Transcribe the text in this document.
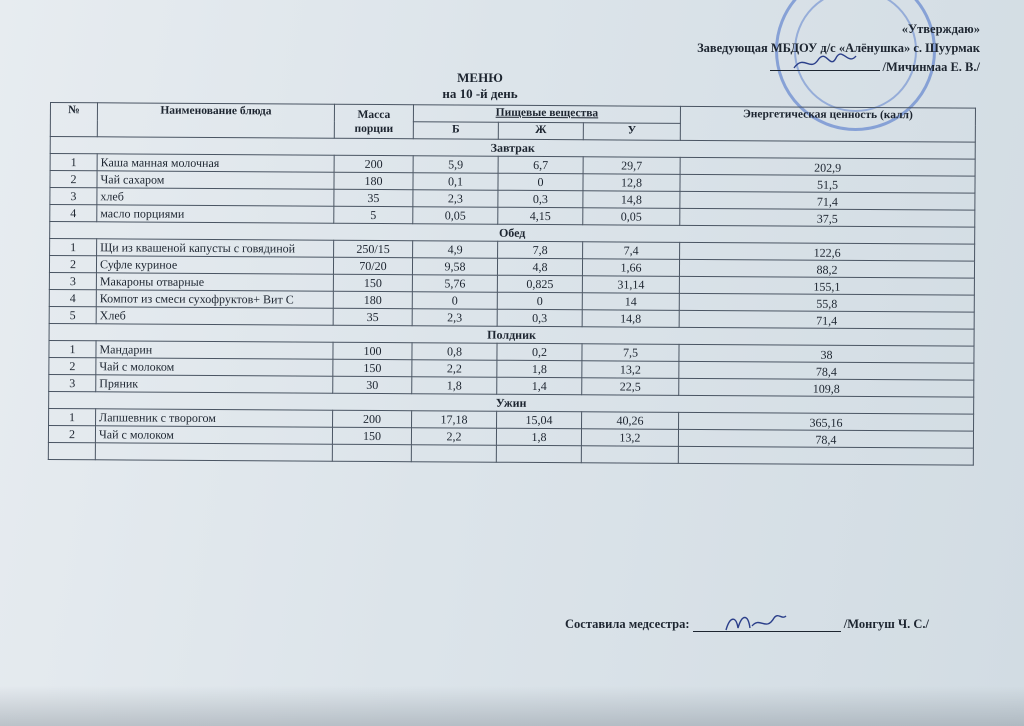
«Утверждаю»
Заведующая МБДОУ д/с «Алёнушка» с. Шуурмак
/Мичинмаа Е. В./
МЕНЮ
на 10 -й день
№	Наименование блюда	Масса порции	Пищевые вещества			Энергетическая ценность (калл)
			Б	Ж	У	
Завтрак						
1	Каша манная молочная	200	5,9	6,7	29,7	202,9
2	Чай сахаром	180	0,1	0	12,8	51,5
3	хлеб	35	2,3	0,3	14,8	71,4
4	масло порциями	5	0,05	4,15	0,05	37,5
Обед						
1	Щи из квашеной капусты с говядиной	250/15	4,9	7,8	7,4	122,6
2	Суфле куриное	70/20	9,58	4,8	1,66	88,2
3	Макароны отварные	150	5,76	0,825	31,14	155,1
4	Компот из смеси сухофруктов+ Вит С	180	0	0	14	55,8
5	Хлеб	35	2,3	0,3	14,8	71,4
Полдник						
1	Мандарин	100	0,8	0,2	7,5	38
2	Чай с молоком	150	2,2	1,8	13,2	78,4
3	Пряник	30	1,8	1,4	22,5	109,8
Ужин						
1	Лапшевник с творогом	200	17,18	15,04	40,26	365,16
2	Чай с молоком	150	2,2	1,8	13,2	78,4

Составила медсестра:	/Монгуш Ч. С./
